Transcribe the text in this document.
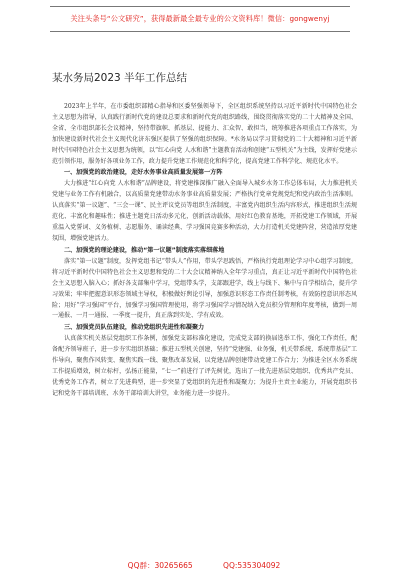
关注头条号“公文研究”，获得最新最全最专业的公文资料库！微信：gongwenyj
某水务局2023 半年工作总结

2023年上半年，在市委组织部精心指导和区委坚强领导下，全区组织系统坚持以习近平新时代中国特色社会主义思想为指导，认真践行新时代党的建设总要求和新时代党的组织路线，围绕贯彻落实党的二十大精神及全国、全省、全市组织部长会议精神，坚持带旗帜、抓基层、提能力、汇众智、敢担当，统筹推进各项重点工作落实，为加快建设新时代社会主义现代化济东强区提供了坚强的组织保障。*水务局以学习贯彻党的二十大精神和习近平新时代中国特色社会主义思想为统领，以“红心向党 人水和谐”主题教育活动和创建“五型机关”为主线，发挥好党建示范引领作用，服务好各项业务工作，政力提升党建工作规范化和科学化，提高党建工作科学化、规范化水平。

一、加强党的政治建设，走好水务事业高质量发展第一方阵

大力推进“红心向党 人水和谐”品牌建设，将党建推深推广融入全面导入城乡水务工作总体布局，大力推进机关党建与业务工作有机融合，以高质量党建带动水务事业高质量发展；严格执行党章党规党纪和党内政治生活准则。认真落实“第一议题”、“三会一课”、民主评议党员等组织生活制度，丰富党内组织生活内容形式，推进组织生活规范化、丰富化和趣味性；推进主题党日活动多元化，创新活动载体，用好红色教育基地，开拓党建工作领域，开展重温入党誓词、义务植树、志愿服务、诵读经典、学习强国竞赛多种活动，大力打造机关党建阵营，营造浓厚党建氛围，增强党建活力。

二、加强党的理论建设，推动“第一议题”制度落实落细落地

落实“第一议题”制度，发挥党组书记“带头人”作用，带头学思践悟，严格执行党组理论学习中心组学习制度，将习近平新时代中国特色社会主义思想和党的二十大会议精神纳入全年学习重点，真正让习近平新时代中国特色社会主义思想入脑入心；抓好各支部集中学习，党组带头学，支部跟进学，线上与线下、集中与自学相结合，提升学习效果；牢牢把握意识形态领域主导权，积极做好舆论引导，加强意识形态工作责任制考核，有效防控意识形态风险；用好“学习强国”平台，加强学习强国管理使用，将学习强国学习情况纳入党员积分管理和年度考核，做到一周一通报、一月一通报、一季度一提升，真正落到实处、学有成效。

三、加强党员队伍建设，推动党组织先进性和凝聚力

认真落实机关基层党组织工作条例，加强党支部标准化建设，完成党支部的换届选举工作，强化工作责任，配备配齐领导班子，进一步夯实组织基础；推进五型机关创建，坚持“党建强、业务强，机关带系统、系统带基层”工作导向，聚焦作风转变、聚焦实践一线、聚焦改革发展，以党建品牌创建带动党建工作合力；为推进全区水务系统工作提质增效，树立标杆，弘扬正能量，“七一”前进行了评先树优，选出了一批先进基层党组织、优秀共产党员、优秀党务工作者，树立了先进典型，进一步突显了党组织的先进性和凝聚力；为提升主责主业能力，开展党组织书记和党务干部培训班、水务干部培训大讲堂，业务能力进一步提升。

QQ群：30265665	QQ:535304092
